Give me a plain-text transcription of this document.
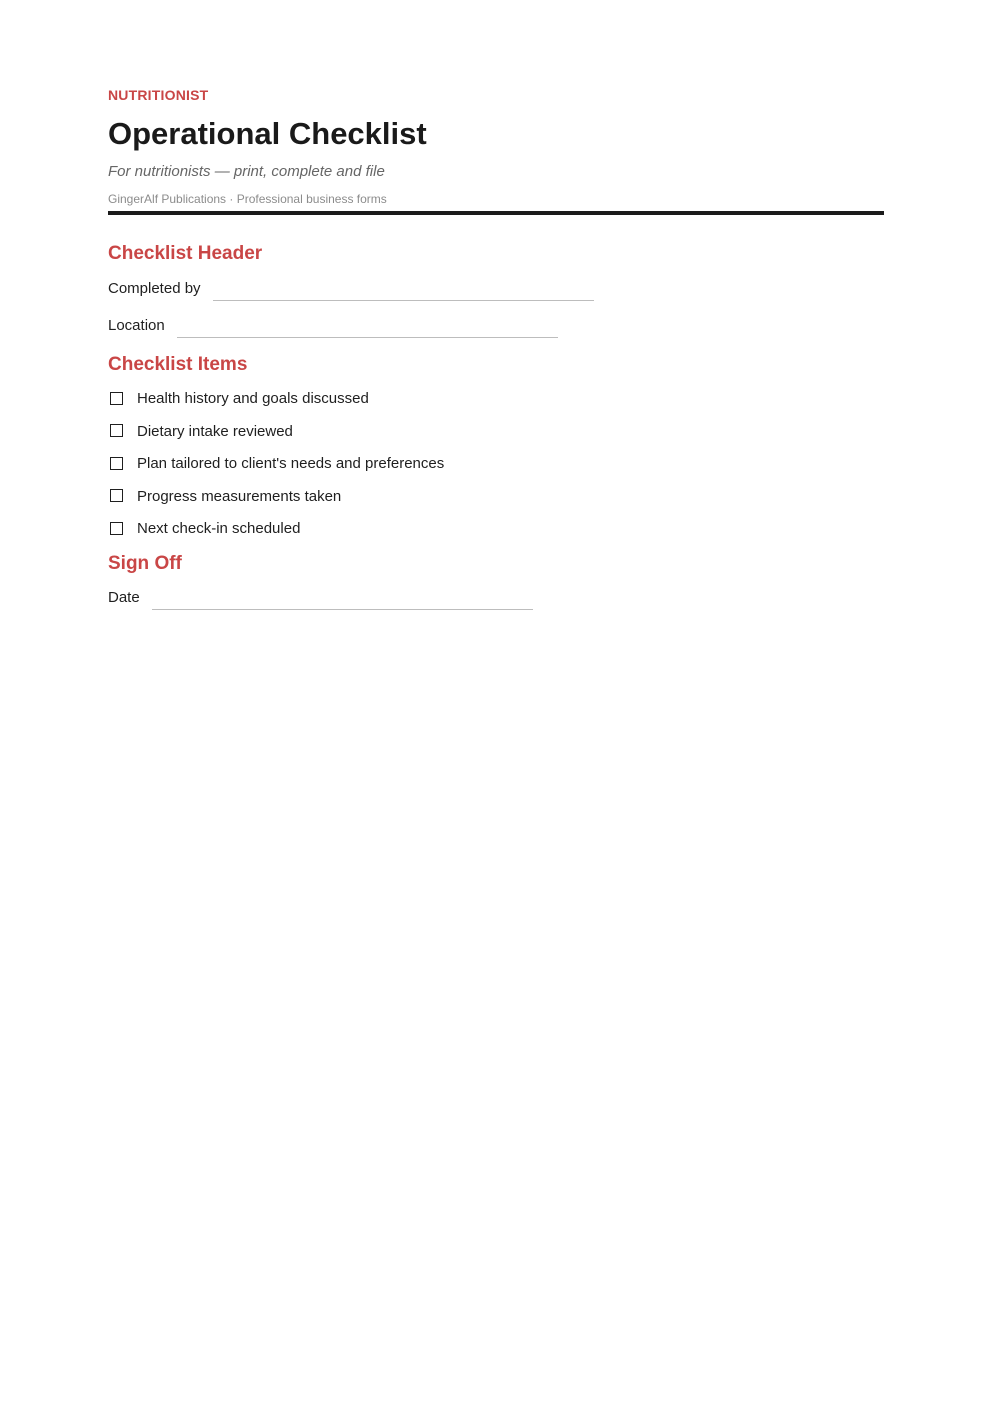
NUTRITIONIST
Operational Checklist
For nutritionists — print, complete and file
GingerAlf Publications · Professional business forms
Checklist Header
Completed by
Location
Checklist Items
Health history and goals discussed
Dietary intake reviewed
Plan tailored to client's needs and preferences
Progress measurements taken
Next check-in scheduled
Sign Off
Date
